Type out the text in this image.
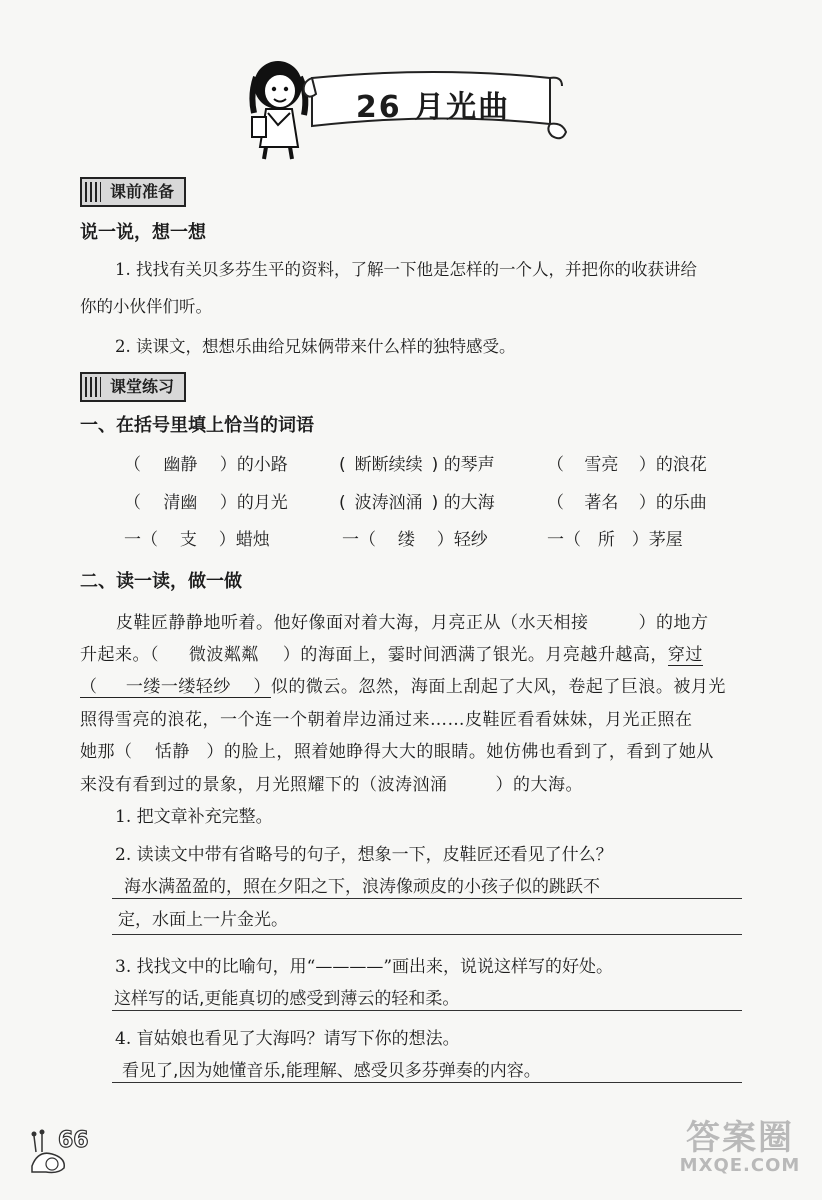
26 月光曲
课前准备
说一说，想一想
1. 找找有关贝多芬生平的资料，了解一下他是怎样的一个人，并把你的收获讲给
你的小伙伴们听。
2. 读课文，想想乐曲给兄妹俩带来什么样的独特感受。
课堂练习
一、在括号里填上恰当的词语
（ 幽静 ）的小路	( 断断续续 ) 的琴声	（ 雪亮 ）的浪花
（ 清幽 ）的月光	( 波涛汹涌 ) 的大海	（ 著名 ）的乐曲
一（ 支 ）蜡烛	一（ 缕 ）轻纱	一（ 所 ）茅屋
二、读一读，做一做
皮鞋匠静静地听着。他好像面对着大海，月亮正从（水天相接	）的地方
升起来。（ 微波粼粼 ）的海面上，霎时间洒满了银光。月亮越升越高，穿过
（ 一缕一缕轻纱 ）似的微云。忽然，海面上刮起了大风，卷起了巨浪。被月光
照得雪亮的浪花，一个连一个朝着岸边涌过来……皮鞋匠看看妹妹，月光正照在
她那（ 恬静 ）的脸上，照着她睁得大大的眼睛。她仿佛也看到了，看到了她从
来没有看到过的景象，月光照耀下的（波涛汹涌	）的大海。
1. 把文章补充完整。
2. 读读文中带有省略号的句子，想象一下，皮鞋匠还看见了什么？
海水满盈盈的，照在夕阳之下，浪涛像顽皮的小孩子似的跳跃不
定，水面上一片金光。
3. 找找文中的比喻句，用“————”画出来，说说这样写的好处。
这样写的话,更能真切的感受到薄云的轻和柔。
4. 盲姑娘也看见了大海吗？请写下你的想法。
看见了,因为她懂音乐,能理解、感受贝多芬弹奏的内容。
66	答案圈
MXQE.COM
